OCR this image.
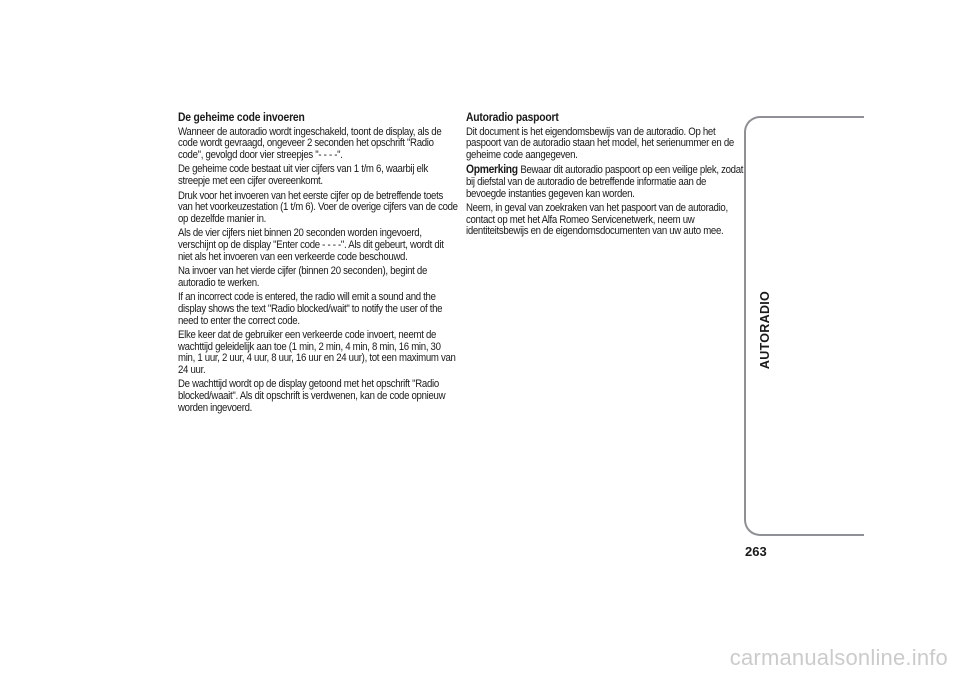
De geheime code invoeren
Wanneer de autoradio wordt ingeschakeld, toont de display, als de code wordt gevraagd, ongeveer 2 seconden het opschrift "Radio code", gevolgd door vier streepjes "- - - -".
De geheime code bestaat uit vier cijfers van 1 t/m 6, waarbij elk streepje met een cijfer overeenkomt.
Druk voor het invoeren van het eerste cijfer op de betreffende toets van het voorkeuzestation (1 t/m 6). Voer de overige cijfers van de code op dezelfde manier in.
Als de vier cijfers niet binnen 20 seconden worden ingevoerd, verschijnt op de display "Enter code - - - -". Als dit gebeurt, wordt dit niet als het invoeren van een verkeerde code beschouwd.
Na invoer van het vierde cijfer (binnen 20 seconden), begint de autoradio te werken.
If an incorrect code is entered, the radio will emit a sound and the display shows the text "Radio blocked/wait" to notify the user of the need to enter the correct code.
Elke keer dat de gebruiker een verkeerde code invoert, neemt de wachttijd geleidelijk aan toe (1 min, 2 min, 4 min, 8 min, 16 min, 30 min, 1 uur, 2 uur, 4 uur, 8 uur, 16 uur en 24 uur), tot een maximum van 24 uur.
De wachttijd wordt op de display getoond met het opschrift "Radio blocked/waait". Als dit opschrift is verdwenen, kan de code opnieuw worden ingevoerd.
Autoradio paspoort
Dit document is het eigendomsbewijs van de autoradio. Op het paspoort van de autoradio staan het model, het serienummer en de geheime code aangegeven.
Opmerking Bewaar dit autoradio paspoort op een veilige plek, zodat bij diefstal van de autoradio de betreffende informatie aan de bevoegde instanties gegeven kan worden.
Neem, in geval van zoekraken van het paspoort van de autoradio, contact op met het Alfa Romeo Servicenetwerk, neem uw identiteitsbewijs en de eigendomsdocumenten van uw auto mee.
AUTORADIO
263
carmanualsonline.info
